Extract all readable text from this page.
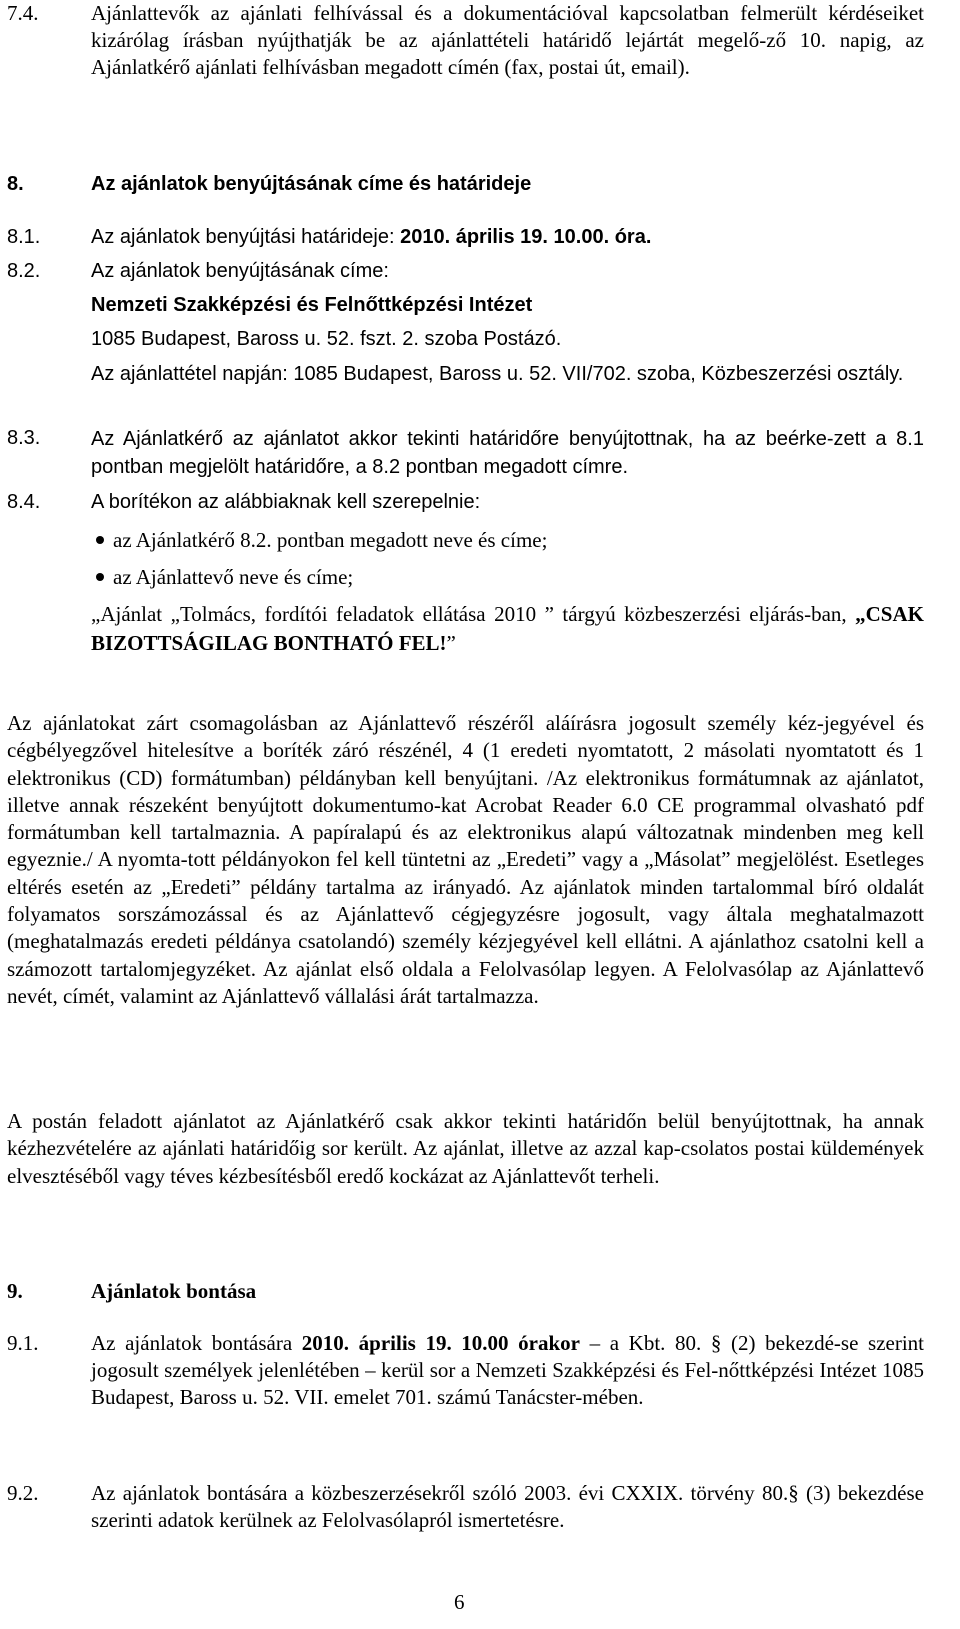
7.4.	Ajánlattevők az ajánlati felhívással és a dokumentációval kapcsolatban felmerült kérdéseiket kizárólag írásban nyújthatják be az ajánlattételi határidő lejártát megelő-ző 10. napig, az Ajánlatkérő ajánlati felhívásban megadott címén (fax, postai út, email).
8.	Az ajánlatok benyújtásának címe és határideje
8.1.	Az ajánlatok benyújtási határideje: 2010. április 19. 10.00. óra.
8.2.	Az ajánlatok benyújtásának címe:
Nemzeti Szakképzési és Felnőttképzési Intézet
1085 Budapest, Baross u. 52. fszt. 2. szoba Postázó.
Az ajánlattétel napján: 1085 Budapest, Baross u. 52. VII/702. szoba, Közbeszerzési osztály.
8.3.	Az Ajánlatkérő az ajánlatot akkor tekinti határidőre benyújtottnak, ha az beérke-zett a 8.1 pontban megjelölt határidőre, a 8.2 pontban megadott címre.
8.4.	A borítékon az alábbiaknak kell szerepelnie:
az Ajánlatkérő 8.2. pontban megadott neve és címe;
az Ajánlattevő neve és címe;
„Ajánlat „Tolmács, fordítói feladatok ellátása 2010 ” tárgyú közbeszerzési eljárás-ban, „CSAK BIZOTTSÁGILAG BONTHATÓ FEL!”
Az ajánlatokat zárt csomagolásban az Ajánlattevő részéről aláírásra jogosult személy kéz-jegyével és cégbélyegzővel hitelesítve a boríték záró részénél, 4 (1 eredeti nyomtatott, 2 másolati nyomtatott és 1 elektronikus (CD) formátumban) példányban kell benyújtani. /Az elektronikus formátumnak az ajánlatot, illetve annak részeként benyújtott dokumentumo-kat Acrobat Reader 6.0 CE programmal olvasható pdf formátumban kell tartalmaznia. A papíralapú és az elektronikus alapú változatnak mindenben meg kell egyeznie./ A nyomta-tott példányokon fel kell tüntetni az „Eredeti” vagy a „Másolat” megjelölést. Esetleges eltérés esetén az „Eredeti” példány tartalma az irányadó. Az ajánlatok minden tartalommal bíró oldalát folyamatos sorszámozással és az Ajánlattevő cégjegyzésre jogosult, vagy általa meghatalmazott (meghatalmazás eredeti példánya csatolandó) személy kézjegyével kell ellátni. A ajánlathoz csatolni kell a számozott tartalomjegyzéket. Az ajánlat első oldala a Felolvasólap legyen. A Felolvasólap az Ajánlattevő nevét, címét, valamint az Ajánlattevő vállalási árát tartalmazza.
A postán feladott ajánlatot az Ajánlatkérő csak akkor tekinti határidőn belül benyújtottnak, ha annak kézhezvételére az ajánlati határidőig sor került. Az ajánlat, illetve az azzal kap-csolatos postai küldemények elvesztéséből vagy téves kézbesítésből eredő kockázat az Ajánlattevőt terheli.
9.	Ajánlatok bontása
9.1.	Az ajánlatok bontására 2010. április 19. 10.00 órakor – a Kbt. 80. § (2) bekezdé-se szerint jogosult személyek jelenlétében – kerül sor a Nemzeti Szakképzési és Fel-nőttképzési Intézet 1085 Budapest, Baross u. 52. VII. emelet 701. számú Tanácster-mében.
9.2.	Az ajánlatok bontására a közbeszerzésekről szóló 2003. évi CXXIX. törvény 80.§ (3) bekezdése szerinti adatok kerülnek az Felolvasólapról ismertetésre.
6
